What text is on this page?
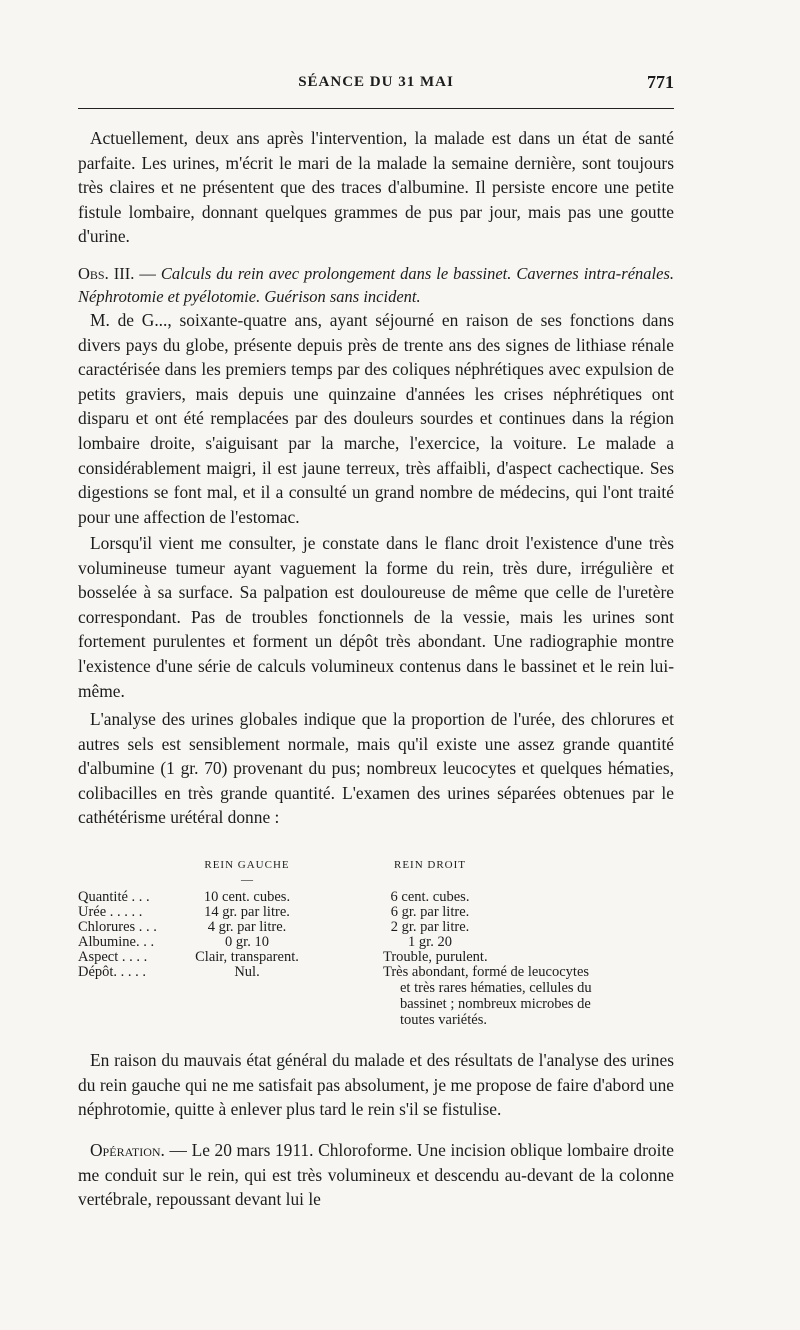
SÉANCE DU 31 MAI	771

Actuellement, deux ans après l'intervention, la malade est dans un état de santé parfaite. Les urines, m'écrit le mari de la malade la semaine dernière, sont toujours très claires et ne présentent que des traces d'albumine. Il persiste encore une petite fistule lombaire, donnant quelques grammes de pus par jour, mais pas une goutte d'urine.

Obs. III. — Calculs du rein avec prolongement dans le bassinet. Cavernes intra-rénales. Néphrotomie et pyélotomie. Guérison sans incident.

M. de G..., soixante-quatre ans, ayant séjourné en raison de ses fonctions dans divers pays du globe, présente depuis près de trente ans des signes de lithiase rénale caractérisée dans les premiers temps par des coliques néphrétiques avec expulsion de petits graviers, mais depuis une quinzaine d'années les crises néphrétiques ont disparu et ont été remplacées par des douleurs sourdes et continues dans la région lombaire droite, s'aiguisant par la marche, l'exercice, la voiture. Le malade a considérablement maigri, il est jaune terreux, très affaibli, d'aspect cachectique. Ses digestions se font mal, et il a consulté un grand nombre de médecins, qui l'ont traité pour une affection de l'estomac.

Lorsqu'il vient me consulter, je constate dans le flanc droit l'existence d'une très volumineuse tumeur ayant vaguement la forme du rein, très dure, irrégulière et bosselée à sa surface. Sa palpation est douloureuse de même que celle de l'uretère correspondant. Pas de troubles fonctionnels de la vessie, mais les urines sont fortement purulentes et forment un dépôt très abondant. Une radiographie montre l'existence d'une série de calculs volumineux contenus dans le bassinet et le rein lui-même.

L'analyse des urines globales indique que la proportion de l'urée, des chlorures et autres sels est sensiblement normale, mais qu'il existe une assez grande quantité d'albumine (1 gr. 70) provenant du pus; nombreux leucocytes et quelques hématies, colibacilles en très grande quantité. L'examen des urines séparées obtenues par le cathétérisme urétéral donne :

REIN GAUCHE	REIN DROIT
—
Quantité . . .	10 cent. cubes.	6 cent. cubes.
Urée . . . . .	14 gr. par litre.	6 gr. par litre.
Chlorures . . .	4 gr. par litre.	2 gr. par litre.
Albumine. . .	0 gr. 10	1 gr. 20
Aspect . . . .	Clair, transparent.	Trouble, purulent.
Dépôt. . . . .	Nul.	Très abondant, formé de leucocytes
et très rares hématies, cellules du
bassinet ; nombreux microbes de
toutes variétés.

En raison du mauvais état général du malade et des résultats de l'analyse des urines du rein gauche qui ne me satisfait pas absolument, je me propose de faire d'abord une néphrotomie, quitte à enlever plus tard le rein s'il se fistulise.

Opération. — Le 20 mars 1911. Chloroforme. Une incision oblique lombaire droite me conduit sur le rein, qui est très volumineux et descendu au-devant de la colonne vertébrale, repoussant devant lui le
